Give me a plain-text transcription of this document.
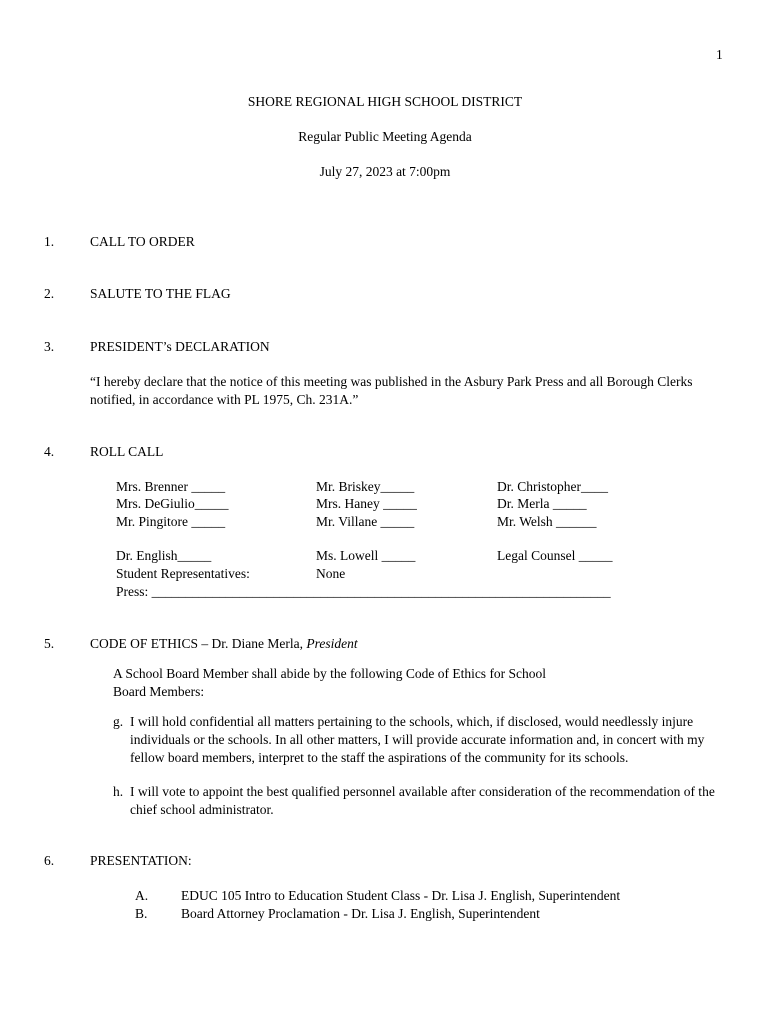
1
SHORE REGIONAL HIGH SCHOOL DISTRICT
Regular Public Meeting Agenda
July 27, 2023 at 7:00pm
1.	CALL TO ORDER
2.	SALUTE TO THE FLAG
3.	PRESIDENT’s DECLARATION
“I hereby declare that the notice of this meeting was published in the Asbury Park Press and all Borough Clerks
notified, in accordance with PL 1975, Ch. 231A.”
4.	ROLL CALL
Mrs. Brenner _____	Mr. Briskey_____	Dr. Christopher____
Mrs. DeGiulio_____	Mrs. Haney _____	Dr. Merla _____
Mr. Pingitore _____	Mr. Villane _____	Mr. Welsh ______
Dr. English_____	Ms. Lowell _____	Legal Counsel _____
Student Representatives:	None
Press: ____________________________________________________________________
5.	CODE OF ETHICS – Dr. Diane Merla, President
A School Board Member shall abide by the following Code of Ethics for School
Board Members:
g. I will hold confidential all matters pertaining to the schools, which, if disclosed, would needlessly injure individuals or the schools. In all other matters, I will provide accurate information and, in concert with my fellow board members, interpret to the staff the aspirations of the community for its schools.
h. I will vote to appoint the best qualified personnel available after consideration of the recommendation of the chief school administrator.
6.	PRESENTATION:
A. EDUC 105 Intro to Education Student Class - Dr. Lisa J. English, Superintendent
B. Board Attorney Proclamation - Dr. Lisa J. English, Superintendent
